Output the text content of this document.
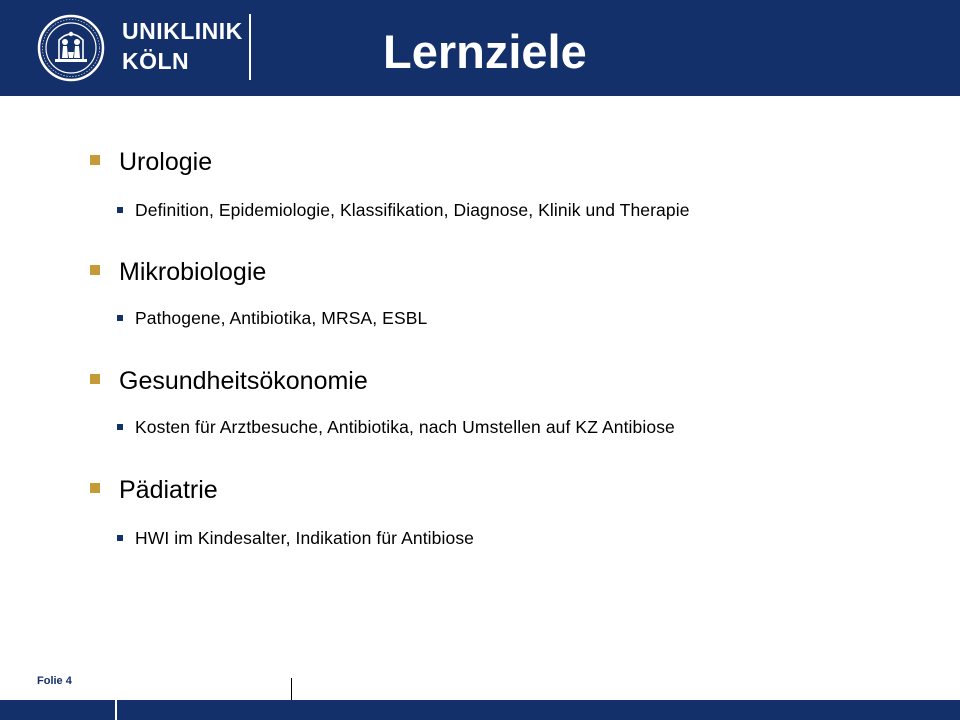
UNIKLINIK
KÖLN	Lernziele
Urologie
Definition, Epidemiologie, Klassifikation, Diagnose, Klinik und Therapie
Mikrobiologie
Pathogene, Antibiotika, MRSA, ESBL
Gesundheitsökonomie
Kosten für Arztbesuche, Antibiotika, nach Umstellen auf KZ Antibiose
Pädiatrie
HWI im Kindesalter, Indikation für Antibiose
Folie 4
